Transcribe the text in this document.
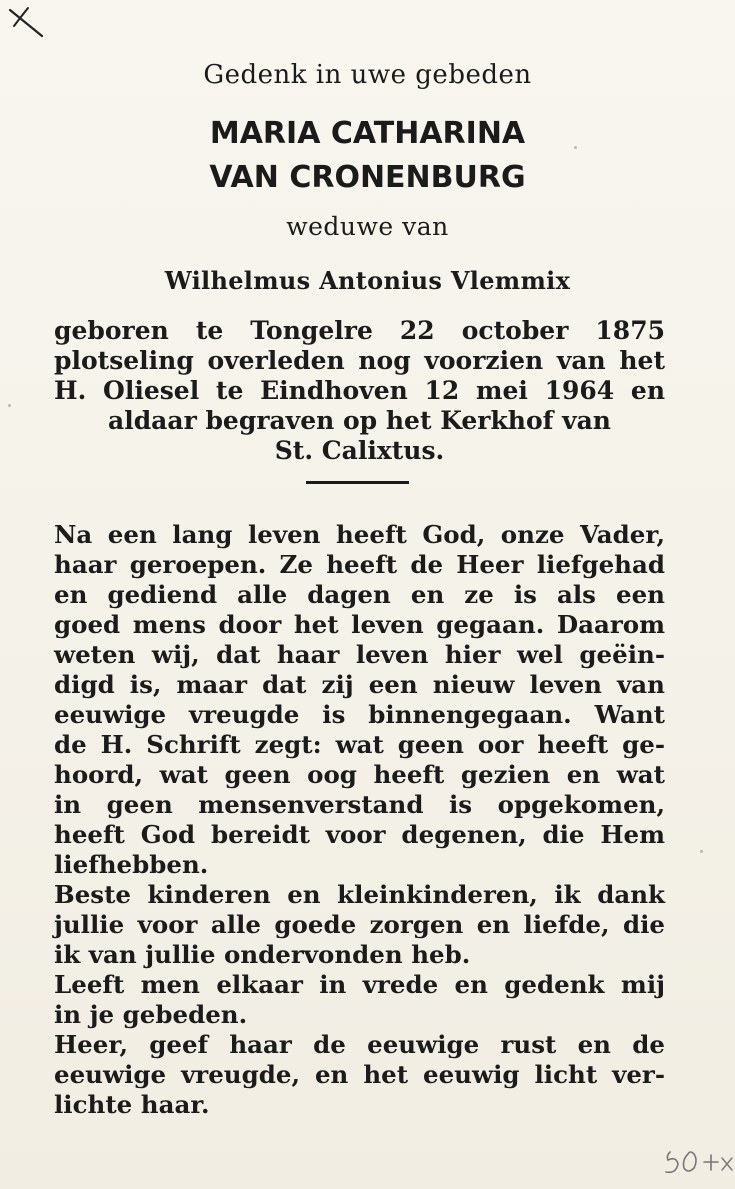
Gedenk in uwe gebeden
MARIA CATHARINA
VAN CRONENBURG
weduwe van
Wilhelmus Antonius Vlemmix
geboren te Tongelre 22 october 1875
plotseling overleden nog voorzien van het
H. Oliesel te Eindhoven 12 mei 1964 en
aldaar begraven op het Kerkhof van
St. Calixtus.
Na een lang leven heeft God, onze Vader,
haar geroepen. Ze heeft de Heer liefgehad
en gediend alle dagen en ze is als een
goed mens door het leven gegaan. Daarom
weten wij, dat haar leven hier wel geëin-
digd is, maar dat zij een nieuw leven van
eeuwige vreugde is binnengegaan. Want
de H. Schrift zegt: wat geen oor heeft ge-
hoord, wat geen oog heeft gezien en wat
in geen mensenverstand is opgekomen,
heeft God bereidt voor degenen, die Hem
liefhebben.
Beste kinderen en kleinkinderen, ik dank
jullie voor alle goede zorgen en liefde, die
ik van jullie ondervonden heb.
Leeft men elkaar in vrede en gedenk mij
in je gebeden.
Heer, geef haar de eeuwige rust en de
eeuwige vreugde, en het eeuwig licht ver-
lichte haar.
